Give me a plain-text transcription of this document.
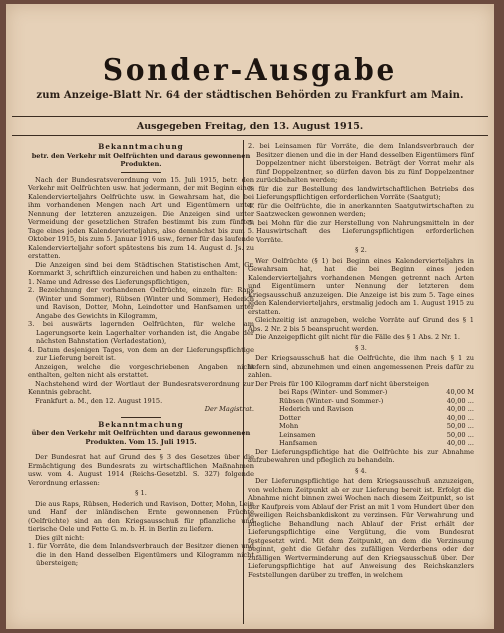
Sonder-Ausgabe
zum Anzeige-Blatt Nr. 64 der städtischen Behörden zu Frankfurt am Main.
Ausgegeben Freitag, den 13. August 1915.

Bekanntmachung

betr. den Verkehr mit Oelfrüchten und daraus gewonnenen Produkten.

Nach der Bundesratsverordnung vom 15. Juli 1915, betr. den Verkehr mit Oelfrüchten usw. hat jedermann, der mit Beginn eines Kalendervierteljahrs Oelfrüchte usw. in Gewahrsam hat, die bei ihm vorhandenen Mengen nach Art und Eigentümern unter Nennung der letzteren anzuzeigen. Die Anzeigen sind unter Vermeidung der gesetzlichen Strafen bestimmt bis zum fünften Tage eines jeden Kalendervierteljahrs, also demnächst bis zum 5. Oktober 1915, bis zum 5. Januar 1916 usw., ferner für das laufende Kalendervierteljahr sofort spätestens bis zum 14. August d. Js. zu erstatten.

Die Anzeigen sind bei dem Städtischen Statistischen Amt, Gr. Kornmarkt 3, schriftlich einzureichen und haben zu enthalten:

1. Name und Adresse des Lieferungspflichtigen,

2. Bezeichnung der vorhandenen Oelfrüchte, einzeln für: Raps (Winter und Sommer), Rübsen (Winter und Sommer), Hederich und Ravison, Dotter, Mohn, Leindotter und Hanfsamen unter Angabe des Gewichts in Kilogramm,

3. bei auswärts lagernden Oelfrüchten, für welche am Lagerungsorte kein Lagerhalter vorhanden ist, die Angabe der nächsten Bahnstation (Verladestation),

4. Datum desjenigen Tages, von dem an der Lieferungspflichtige zur Lieferung bereit ist.

Anzeigen, welche die vorgeschriebenen Angaben nicht enthalten, gelten nicht als erstattet.

Nachstehend wird der Wortlaut der Bundesratsverordnung zur Kenntnis gebracht.

Frankfurt a. M., den 12. August 1915.

Der Magistrat.

Bekanntmachung

über den Verkehr mit Oelfrüchten und daraus gewonnenen Produkten. Vom 15. Juli 1915.

Der Bundesrat hat auf Grund des § 3 des Gesetzes über die Ermächtigung des Bundesrats zu wirtschaftlichen Maßnahmen usw. vom 4. August 1914 (Reichs-Gesetzbl. S. 327) folgende Verordnung erlassen:

§ 1.

Die aus Raps, Rübsen, Hederich und Ravison, Dotter, Mohn, Lein und Hanf der inländischen Ernte gewonnenen Früchte (Oelfrüchte) sind an den Kriegsausschuß für pflanzliche und tierische Oele und Fette G. m. b. H. in Berlin zu liefern.

Dies gilt nicht:

1. für Vorräte, die dem Inlandsverbrauch der Besitzer dienen und die in den Hand desselben Eigentümers und Kilogramm nicht übersteigen;

2. bei Leinsamen für Vorräte, die dem Inlandsverbrauch der Besitzer dienen und die in der Hand desselben Eigentümers fünf Doppelzentner nicht übersteigen. Beträgt der Vorrat mehr als fünf Doppelzentner, so dürfen davon bis zu fünf Doppelzentner zurückbehalten werden;

3. für die zur Bestellung des landwirtschaftlichen Betriebs des Lieferungspflichtigen erforderlichen Vorräte (Saatgut);

4. für die Oelfrüchte, die in anerkannten Saatgutwirtschaften zu Saatzwecken gewonnen werden;

5. bei Mohn für die zur Herstellung von Nahrungsmitteln in der Hauswirtschaft des Lieferungspflichtigen erforderlichen Vorräte.

§ 2.

Wer Oelfrüchte (§ 1) bei Beginn eines Kalendervierteljahrs in Gewahrsam hat, hat die bei Beginn eines jeden Kalendervierteljahrs vorhandenen Mengen getrennt nach Arten und Eigentümern unter Nennung der letzteren dem Kriegsausschuß anzuzeigen. Die Anzeige ist bis zum 5. Tage eines jeden Kalendervierteljahrs, erstmalig jedoch am 1. August 1915 zu erstatten.

Gleichzeitig ist anzugeben, welche Vorräte auf Grund des § 1 Abs. 2 Nr. 2 bis 5 beansprucht werden.

Die Anzeigepflicht gilt nicht für die Fälle des § 1 Abs. 2 Nr. 1.

§ 3.

Der Kriegsausschuß hat die Oelfrüchte, die ihm nach § 1 zu liefern sind, abzunehmen und einen angemessenen Preis dafür zu zahlen.

Der Preis für 100 Kilogramm darf nicht übersteigen

bei Raps (Winter- und Sommer-)	40,00 M

Rübsen (Winter- und Sommer-)	40,00 ...

Hederich und Ravison	40,00 ...

Dotter	40,00 ...

Mohn	50,00 ...

Leinsamen	50,00 ...

Hanfsamen	40,00 ...

Der Lieferungspflichtige hat die Oelfrüchte bis zur Abnahme aufzubewahren und pfleglich zu behandeln.

§ 4.

Der Lieferungspflichtige hat dem Kriegsausschuß anzuzeigen, von welchem Zeitpunkt ab er zur Lieferung bereit ist. Erfolgt die Abnahme nicht binnen zwei Wochen nach diesem Zeitpunkt, so ist der Kaufpreis vom Ablauf der Frist an mit 1 vom Hundert über den jeweiligen Reichsbankdiskont zu verzinsen. Für Verwahrung und pflegliche Behandlung nach Ablauf der Frist erhält der Lieferungspflichtige eine Vergütung, die vom Bundesrat festgesetzt wird. Mit dem Zeitpunkt, an dem die Verzinsung beginnt, geht die Gefahr des zufälligen Verderbens oder der zufälligen Wertverminderung auf den Kriegsausschuß über. Der Lieferungspflichtige hat auf Anweisung des Reichskanzlers Feststellungen darüber zu treffen, in welchem
